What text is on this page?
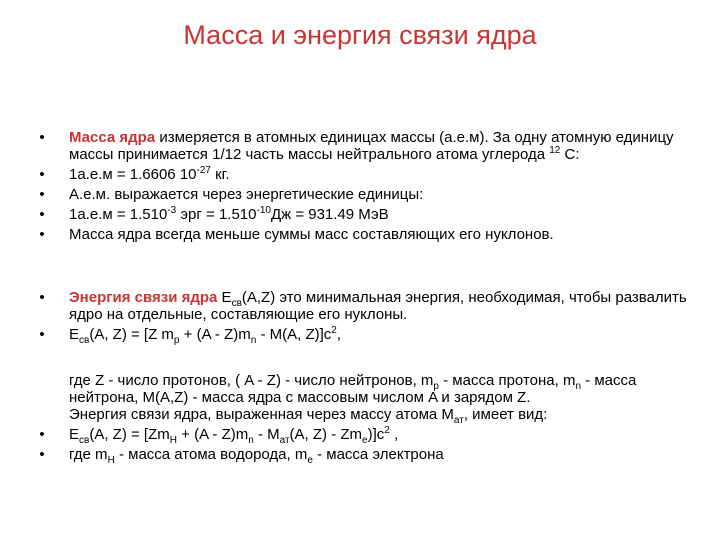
Масса и энергия связи ядра

• Масса ядра измеряется в атомных единицах массы (а.е.м). За одну атомную единицу массы принимается 1/12 часть массы нейтрального атома углерода $^{12}$ C:

• 1а.е.м = 1.6606 $10^{-27}$ кг.

• А.е.м. выражается через энергетические единицы:

• $1а.е.м = 1.510^{-3}$ эрг = $1.510^{-10}Дж = 931.49$ МэВ

• Масса ядра всегда меньше суммы масс составляющих его нуклонов.

• Энергия связи ядра $Е_{св}(А,Z)$ это минимальная энергия, необходимая, чтобы развалить ядро на отдельные, составляющие его нуклоны.

• $Е_{св}(А$, Z) = [Z $m_p + (A - Z)m_n - M(A$, $Z)]c^2$,

где Z - число протонов, ( A - Z) - число нейтронов, $m_p$ - масса протона, $m_n$ - масса нейтрона, M(A,Z) - масса ядра с массовым числом A и зарядом Z.

Энергия связи ядра, выраженная через массу атома $M_{ат}$, имеет вид:

• $Е_{св}(А$, $Z) = [Zm_H + (A - Z)m_n - M_{ат}(A$, $Z) - Zm_e)]c^2$ ,

• где $m_H$ - масса атома водорода, $m_e$ - масса электрона
